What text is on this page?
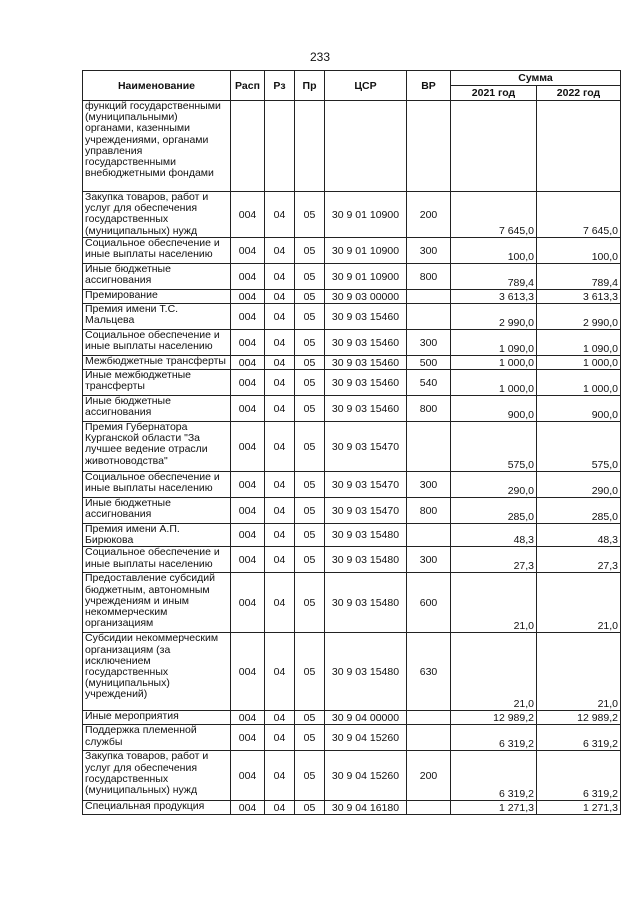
233
Наименование	Расп	Рз	Пр	ЦСР	ВР	Сумма	
						2021 год	2022 год
функций государственными (муниципальными) органами, казенными учреждениями, органами управления государственными внебюджетными фондами							
Закупка товаров, работ и услуг для обеспечения государственных (муниципальных) нужд	004	04	05	30 9 01 10900	200	7 645,0	7 645,0
Социальное обеспечение и иные выплаты населению	004	04	05	30 9 01 10900	300	100,0	100,0
Иные бюджетные ассигнования	004	04	05	30 9 01 10900	800	789,4	789,4
Премирование	004	04	05	30 9 03 00000		3 613,3	3 613,3
Премия имени Т.С. Мальцева	004	04	05	30 9 03 15460		2 990,0	2 990,0
Социальное обеспечение и иные выплаты населению	004	04	05	30 9 03 15460	300	1 090,0	1 090,0
Межбюджетные трансферты	004	04	05	30 9 03 15460	500	1 000,0	1 000,0
Иные межбюджетные трансферты	004	04	05	30 9 03 15460	540	1 000,0	1 000,0
Иные бюджетные ассигнования	004	04	05	30 9 03 15460	800	900,0	900,0
Премия Губернатора Курганской области "За лучшее ведение отрасли животноводства"	004	04	05	30 9 03 15470		575,0	575,0
Социальное обеспечение и иные выплаты населению	004	04	05	30 9 03 15470	300	290,0	290,0
Иные бюджетные ассигнования	004	04	05	30 9 03 15470	800	285,0	285,0
Премия имени А.П. Бирюкова	004	04	05	30 9 03 15480		48,3	48,3
Социальное обеспечение и иные выплаты населению	004	04	05	30 9 03 15480	300	27,3	27,3
Предоставление субсидий бюджетным, автономным учреждениям и иным некоммерческим организациям	004	04	05	30 9 03 15480	600	21,0	21,0
Субсидии некоммерческим организациям (за исключением государственных (муниципальных) учреждений)	004	04	05	30 9 03 15480	630	21,0	21,0
Иные мероприятия	004	04	05	30 9 04 00000		12 989,2	12 989,2
Поддержка племенной службы	004	04	05	30 9 04 15260		6 319,2	6 319,2
Закупка товаров, работ и услуг для обеспечения государственных (муниципальных) нужд	004	04	05	30 9 04 15260	200	6 319,2	6 319,2
Специальная продукция	004	04	05	30 9 04 16180		1 271,3	1 271,3
